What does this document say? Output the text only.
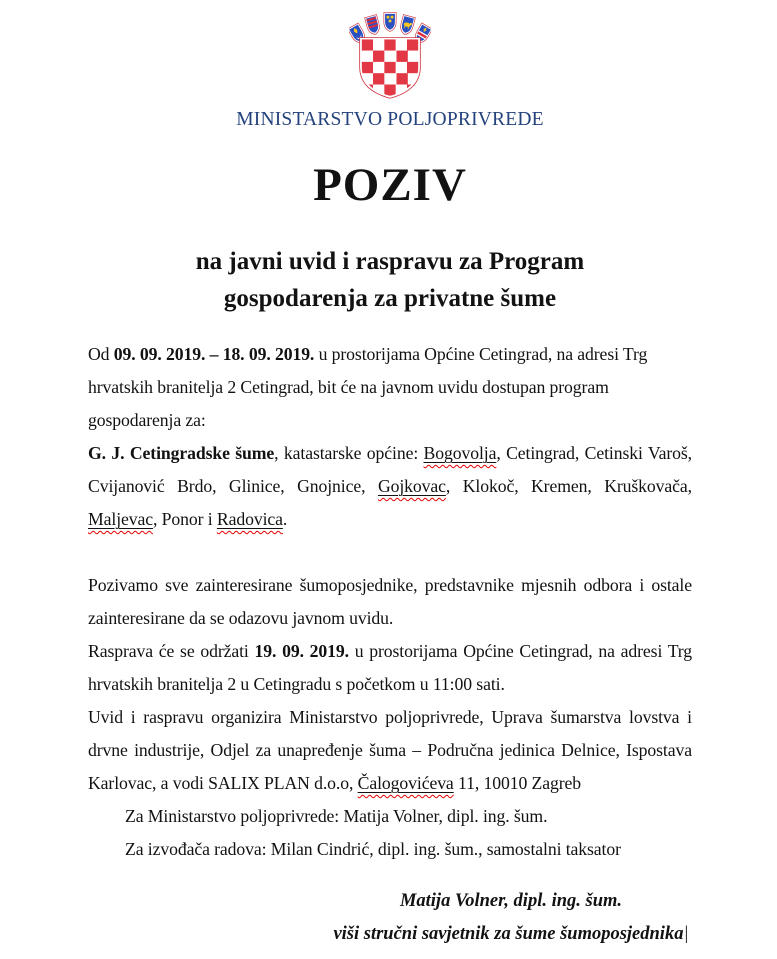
MINISTARSTVO POLJOPRIVREDE
POZIV
na javni uvid i raspravu za Program
gospodarenja za privatne šume

Od 09. 09. 2019. – 18. 09. 2019. u prostorijama Općine Cetingrad, na adresi Trg hrvatskih branitelja 2 Cetingrad, bit će na javnom uvidu dostupan program gospodarenja za:

G. J. Cetingradske šume, katastarske općine: Bogovolja, Cetingrad, Cetinski Varoš, Cvijanović Brdo, Glinice, Gnojnice, Gojkovac, Klokoč, Kremen, Kruškovača, Maljevac, Ponor i Radovica.

Pozivamo sve zainteresirane šumoposjednike, predstavnike mjesnih odbora i ostale zainteresirane da se odazovu javnom uvidu.

Rasprava će se održati 19. 09. 2019. u prostorijama Općine Cetingrad, na adresi Trg hrvatskih branitelja 2 u Cetingradu s početkom u 11:00 sati.

Uvid i raspravu organizira Ministarstvo poljoprivrede, Uprava šumarstva lovstva i drvne industrije, Odjel za unapređenje šuma – Područna jedinica Delnice, Ispostava Karlovac, a vodi SALIX PLAN d.o.o, Čalogovićeva 11, 10010 Zagreb

Za Ministarstvo poljoprivrede: Matija Volner, dipl. ing. šum.

Za izvođača radova: Milan Cindrić, dipl. ing. šum., samostalni taksator

Matija Volner, dipl. ing. šum.
viši stručni savjetnik za šume šumoposjednika|
